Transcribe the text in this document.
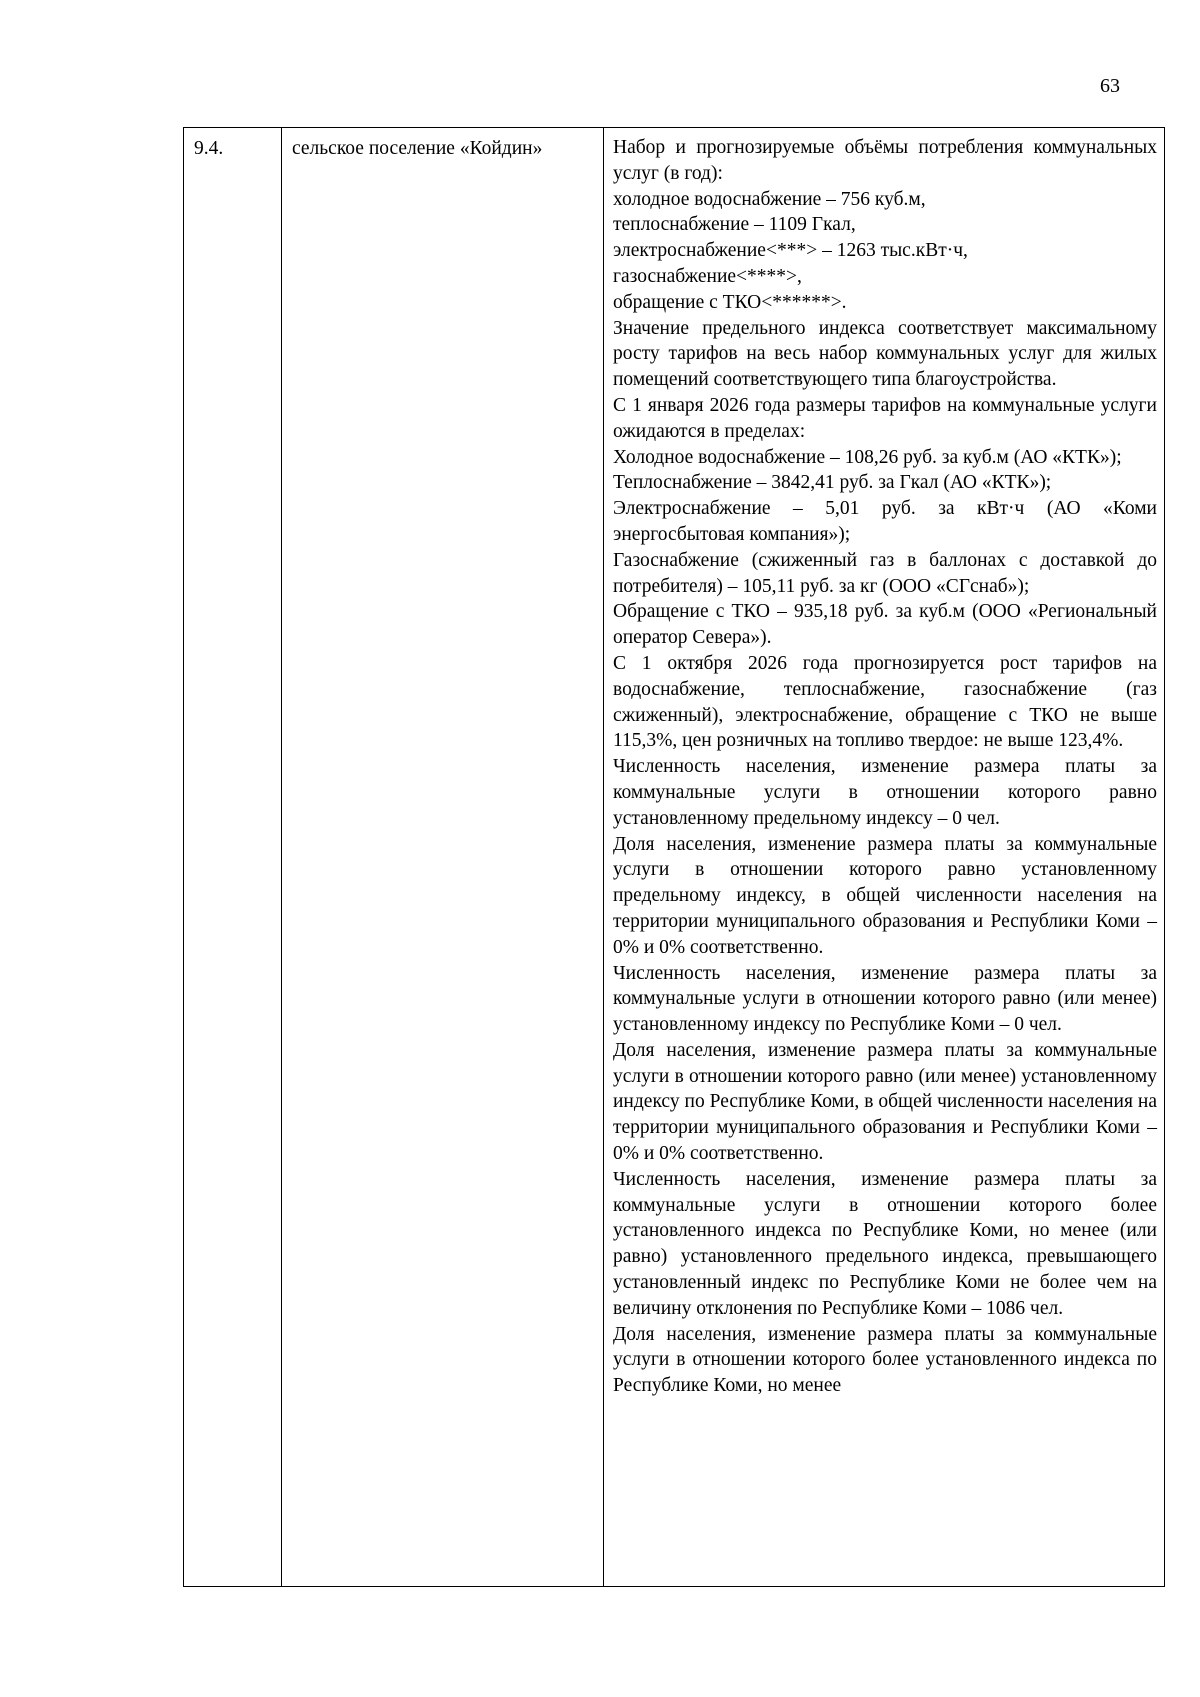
63
9.4.	сельское поселение «Койдин»	Набор и прогнозируемые объёмы потребления коммунальных услуг (в год):

холодное водоснабжение – 756 куб.м,

теплоснабжение – 1109 Гкал,

электроснабжение<***> – 1263 тыс.кВт·ч,

газоснабжение<****>,

обращение с ТКО<******>.

Значение предельного индекса соответствует максимальному росту тарифов на весь набор коммунальных услуг для жилых помещений соответствующего типа благоустройства.

С 1 января 2026 года размеры тарифов на коммунальные услуги ожидаются в пределах:

Холодное водоснабжение – 108,26 руб. за куб.м (АО «КТК»);

Теплоснабжение – 3842,41 руб. за Гкал (АО «КТК»);

Электроснабжение – 5,01 руб. за кВт·ч (АО «Коми энергосбытовая компания»);

Газоснабжение (сжиженный газ в баллонах с доставкой до потребителя) – 105,11 руб. за кг (ООО «СГснаб»);

Обращение с ТКО – 935,18 руб. за куб.м (ООО «Региональный оператор Севера»).

С 1 октября 2026 года прогнозируется рост тарифов на водоснабжение, теплоснабжение, газоснабжение (газ сжиженный), электроснабжение, обращение с ТКО не выше 115,3%, цен розничных на топливо твердое: не выше 123,4%.

Численность населения, изменение размера платы за коммунальные услуги в отношении которого равно установленному предельному индексу – 0 чел.

Доля населения, изменение размера платы за коммунальные услуги в отношении которого равно установленному предельному индексу, в общей численности населения на территории муниципального образования и Республики Коми – 0% и 0% соответственно.

Численность населения, изменение размера платы за коммунальные услуги в отношении которого равно (или менее) установленному индексу по Республике Коми – 0 чел.

Доля населения, изменение размера платы за коммунальные услуги в отношении которого равно (или менее) установленному индексу по Республике Коми, в общей численности населения на территории муниципального образования и Республики Коми – 0% и 0% соответственно.

Численность населения, изменение размера платы за коммунальные услуги в отношении которого более установленного индекса по Республике Коми, но менее (или равно) установленного предельного индекса, превышающего установленный индекс по Республике Коми не более чем на величину отклонения по Республике Коми – 1086 чел.

Доля населения, изменение размера платы за коммунальные услуги в отношении которого более установленного индекса по Республике Коми, но менее
